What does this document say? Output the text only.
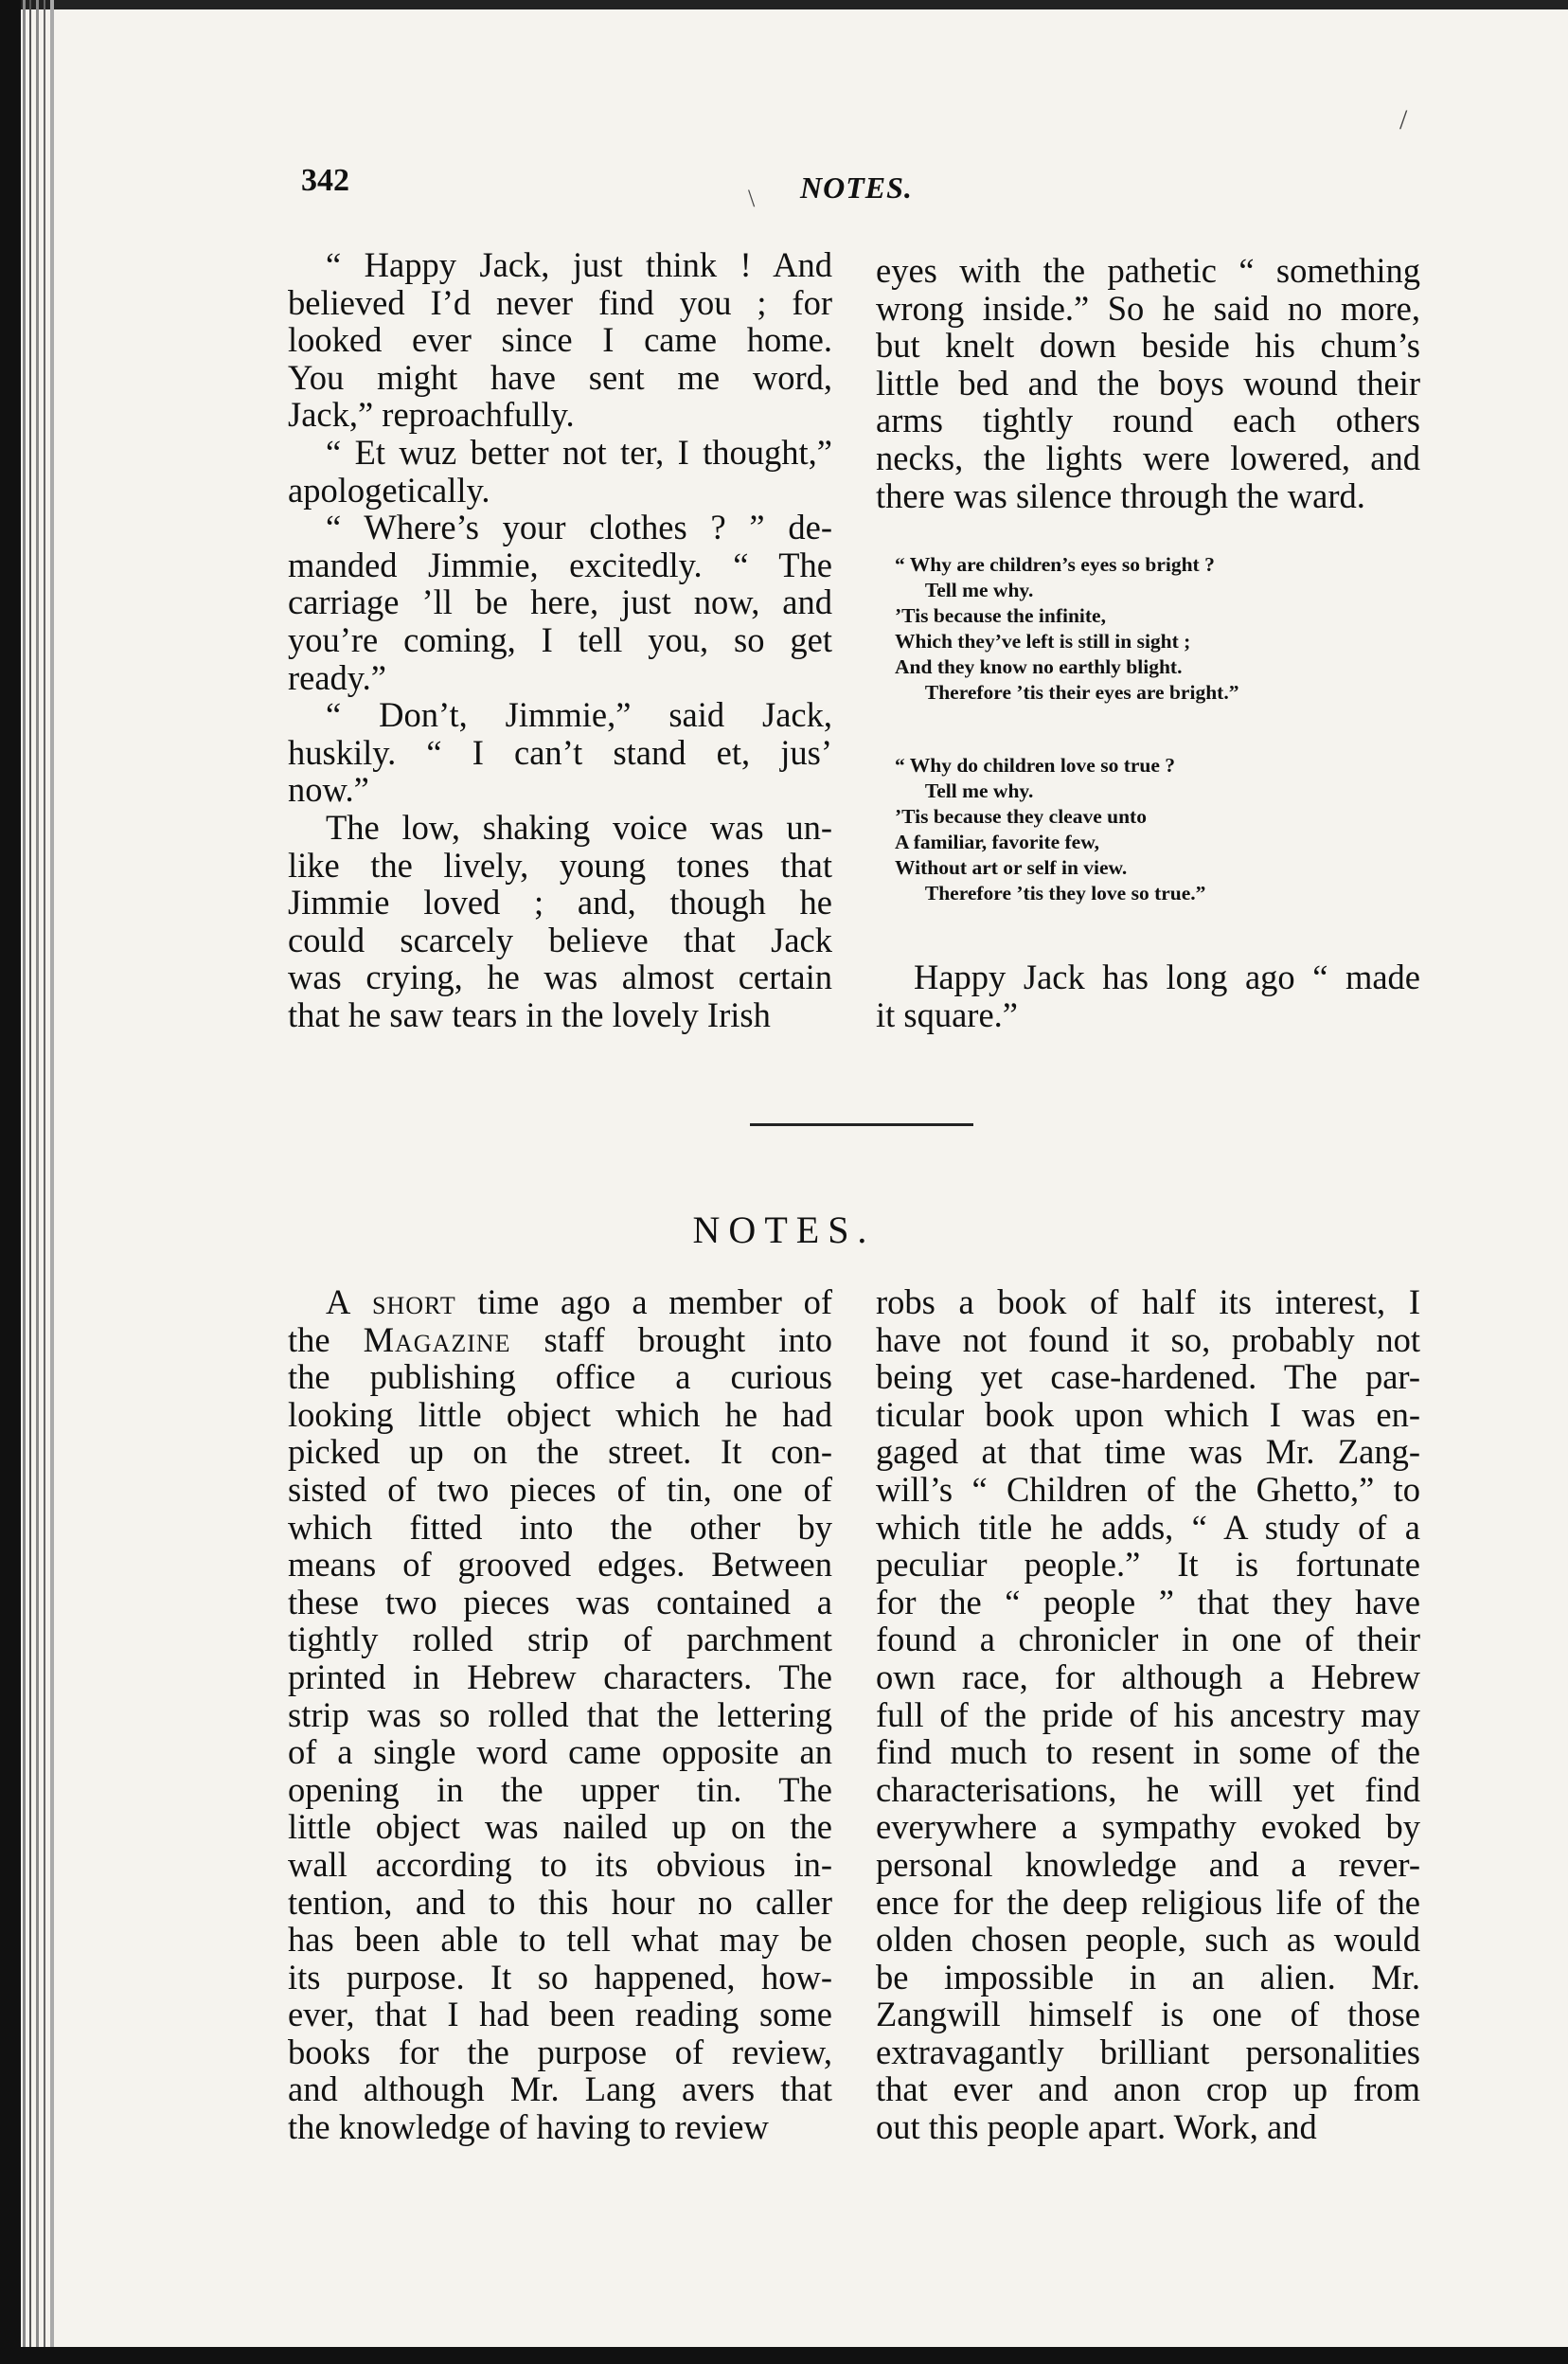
/
\
342	NOTES.

“ Happy Jack, just think ! And

believed I’d never find you ; for

looked ever since I came home.

You might have sent me word,

Jack,” reproachfully.

“ Et wuz better not ter, I thought,”

apologetically.

“ Where’s your clothes ? ” de-

manded Jimmie, excitedly. “ The

carriage ’ll be here, just now, and

you’re coming, I tell you, so get

ready.”

“ Don’t, Jimmie,” said Jack,

huskily. “ I can’t stand et, jus’

now.”

The low, shaking voice was un-

like the lively, young tones that

Jimmie loved ; and, though he

could scarcely believe that Jack

was crying, he was almost certain

that he saw tears in the lovely Irish

eyes with the pathetic “ something

wrong inside.” So he said no more,

but knelt down beside his chum’s

little bed and the boys wound their

arms tightly round each others

necks, the lights were lowered, and

there was silence through the ward.

“ Why are children’s eyes so bright ?
Tell me why.
’Tis because the infinite,
Which they’ve left is still in sight ;
And they know no earthly blight.
Therefore ’tis their eyes are bright.”
“ Why do children love so true ?
Tell me why.
’Tis because they cleave unto
A familiar, favorite few,
Without art or self in view.
Therefore ’tis they love so true.”

Happy Jack has long ago “ made

it square.”

NOTES.

A short time ago a member of

the Magazine staff brought into

the publishing office a curious

looking little object which he had

picked up on the street. It con-

sisted of two pieces of tin, one of

which fitted into the other by

means of grooved edges. Between

these two pieces was contained a

tightly rolled strip of parchment

printed in Hebrew characters. The

strip was so rolled that the lettering

of a single word came opposite an

opening in the upper tin. The

little object was nailed up on the

wall according to its obvious in-

tention, and to this hour no caller

has been able to tell what may be

its purpose. It so happened, how-

ever, that I had been reading some

books for the purpose of review,

and although Mr. Lang avers that

the knowledge of having to review

robs a book of half its interest, I

have not found it so, probably not

being yet case-hardened. The par-

ticular book upon which I was en-

gaged at that time was Mr. Zang-

will’s “ Children of the Ghetto,” to

which title he adds, “ A study of a

peculiar people.” It is fortunate

for the “ people ” that they have

found a chronicler in one of their

own race, for although a Hebrew

full of the pride of his ancestry may

find much to resent in some of the

characterisations, he will yet find

everywhere a sympathy evoked by

personal knowledge and a rever-

ence for the deep religious life of the

olden chosen people, such as would

be impossible in an alien. Mr.

Zangwill himself is one of those

extravagantly brilliant personalities

that ever and anon crop up from

out this people apart. Work, and
